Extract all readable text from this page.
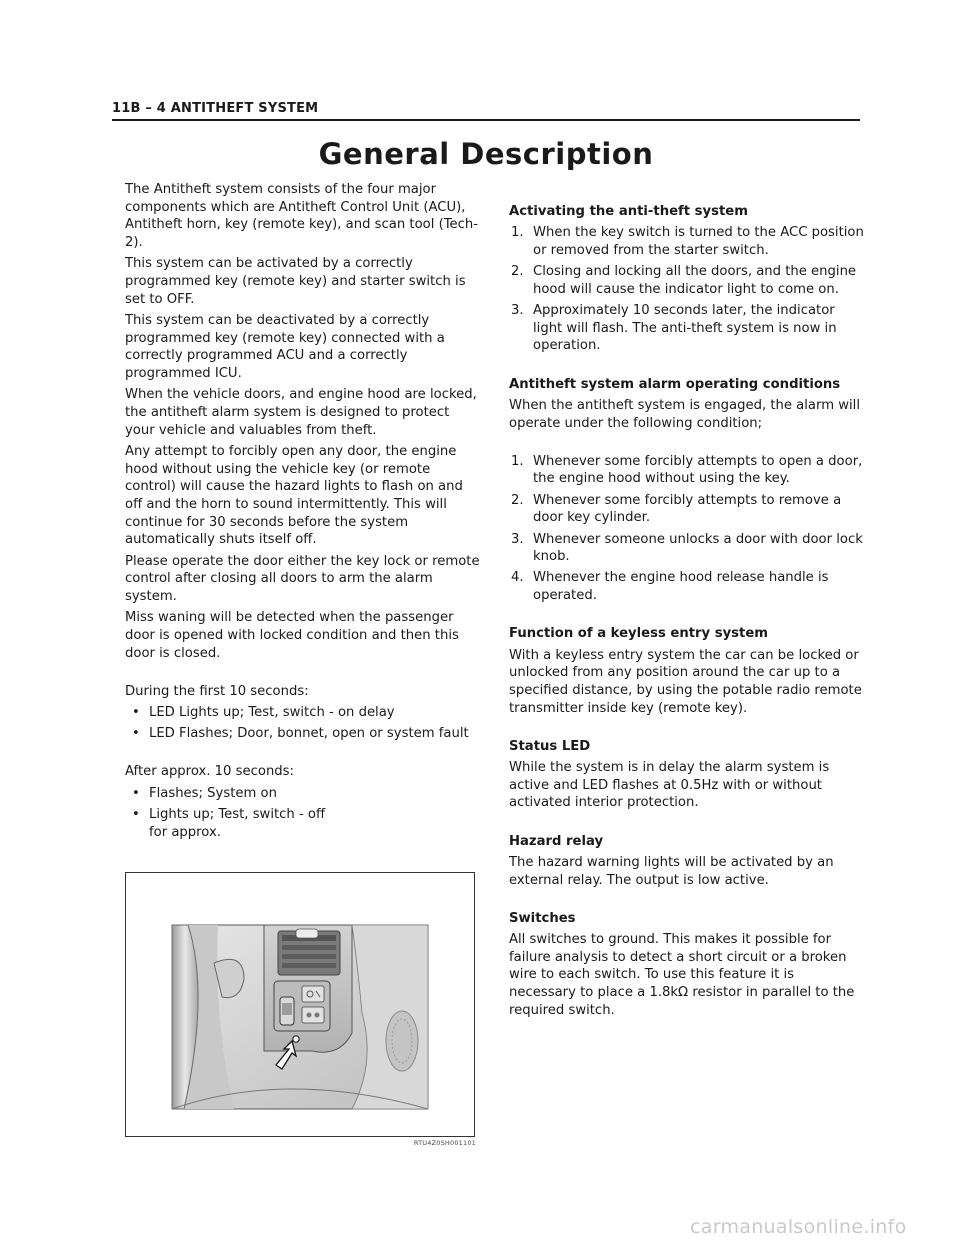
11B – 4 ANTITHEFT SYSTEM
General Description

The Antitheft system consists of the four major components which are Antitheft Control Unit (ACU), Antitheft horn, key (remote key), and scan tool (Tech-2).

This system can be activated by a correctly programmed key (remote key) and starter switch is set to OFF.

This system can be deactivated by a correctly programmed key (remote key) connected with a correctly programmed ACU and a correctly programmed ICU.

When the vehicle doors, and engine hood are locked, the antitheft alarm system is designed to protect your vehicle and valuables from theft.

Any attempt to forcibly open any door, the engine hood without using the vehicle key (or remote control) will cause the hazard lights to flash on and off and the horn to sound intermittently. This will continue for 30 seconds before the system automatically shuts itself off.

Please operate the door either the key lock or remote control after closing all doors to arm the alarm system.

Miss waning will be detected when the passenger door is opened with locked condition and then this door is closed.

During the first 10 seconds:

• LED Lights up; Test, switch - on delay
• LED Flashes; Door, bonnet, open or system fault

After approx. 10 seconds:

• Flashes; System on
• Lights up; Test, switch - off
for approx.
RTU4Z0SH001101

Activating the anti-theft system

1. When the key switch is turned to the ACC position or removed from the starter switch.
2. Closing and locking all the doors, and the engine hood will cause the indicator light to come on.
3. Approximately 10 seconds later, the indicator light will flash. The anti-theft system is now in operation.

Antitheft system alarm operating conditions

When the antitheft system is engaged, the alarm will operate under the following condition;

1. Whenever some forcibly attempts to open a door, the engine hood without using the key.
2. Whenever some forcibly attempts to remove a door key cylinder.
3. Whenever someone unlocks a door with door lock knob.
4. Whenever the engine hood release handle is operated.

Function of a keyless entry system

With a keyless entry system the car can be locked or unlocked from any position around the car up to a specified distance, by using the potable radio remote transmitter inside key (remote key).

Status LED

While the system is in delay the alarm system is active and LED flashes at 0.5Hz with or without activated interior protection.

Hazard relay

The hazard warning lights will be activated by an external relay. The output is low active.

Switches

All switches to ground. This makes it possible for failure analysis to detect a short circuit or a broken wire to each switch. To use this feature it is necessary to place a 1.8kΩ resistor in parallel to the required switch.

carmanualsonline.info
